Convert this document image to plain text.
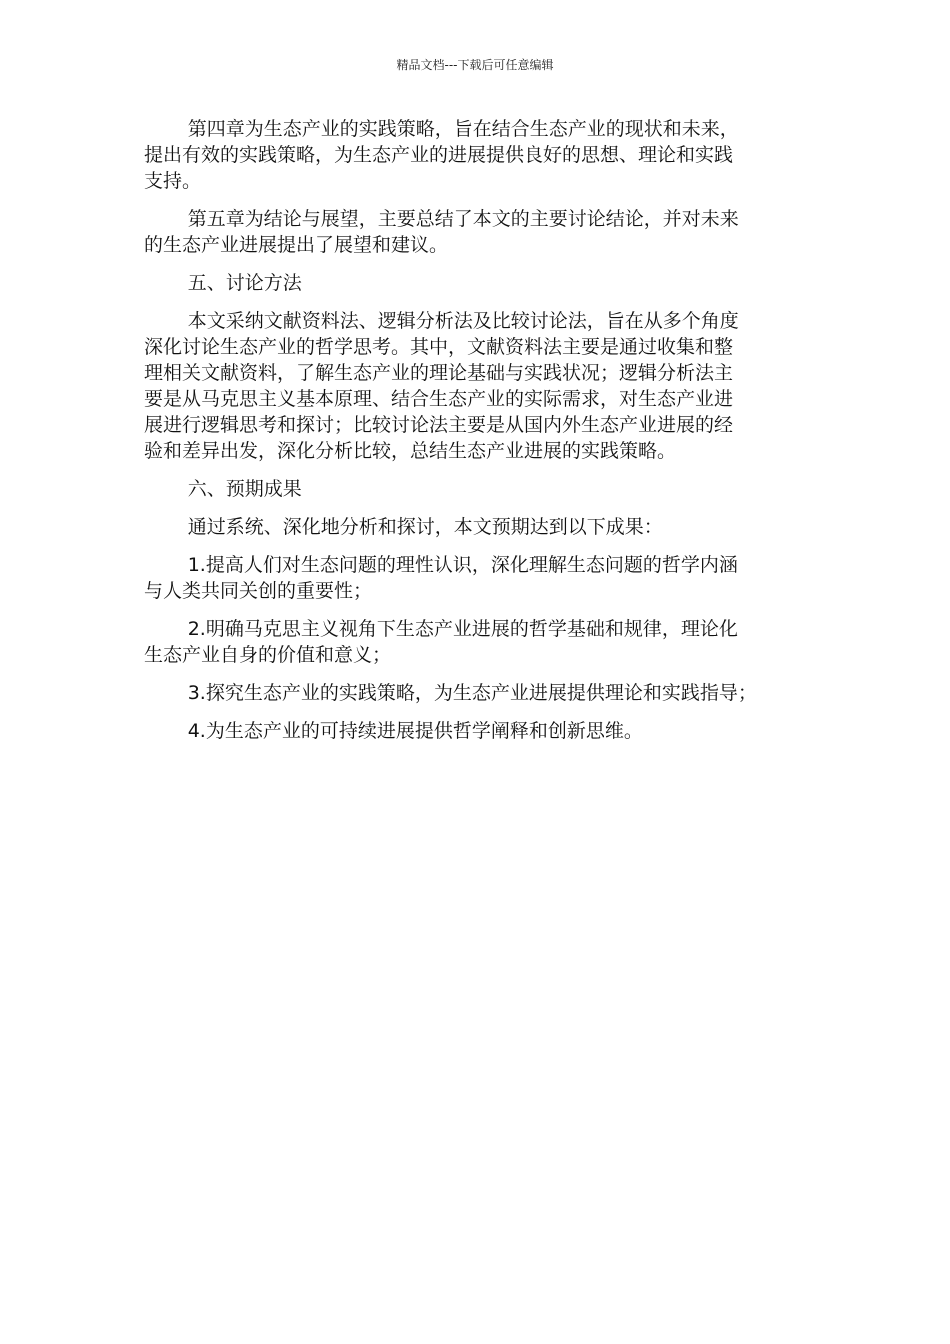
精品文档---下载后可任意编辑

第四章为生态产业的实践策略，旨在结合生态产业的现状和未来，
提出有效的实践策略，为生态产业的进展提供良好的思想、理论和实践
支持。

第五章为结论与展望，主要总结了本文的主要讨论结论，并对未来
的生态产业进展提出了展望和建议。

五、讨论方法

本文采纳文献资料法、逻辑分析法及比较讨论法，旨在从多个角度
深化讨论生态产业的哲学思考。其中，文献资料法主要是通过收集和整
理相关文献资料，了解生态产业的理论基础与实践状况；逻辑分析法主
要是从马克思主义基本原理、结合生态产业的实际需求，对生态产业进
展进行逻辑思考和探讨；比较讨论法主要是从国内外生态产业进展的经
验和差异出发，深化分析比较，总结生态产业进展的实践策略。

六、预期成果

通过系统、深化地分析和探讨，本文预期达到以下成果：

1.提高人们对生态问题的理性认识，深化理解生态问题的哲学内涵
与人类共同关创的重要性；

2.明确马克思主义视角下生态产业进展的哲学基础和规律，理论化
生态产业自身的价值和意义；

3.探究生态产业的实践策略，为生态产业进展提供理论和实践指导；

4.为生态产业的可持续进展提供哲学阐释和创新思维。
